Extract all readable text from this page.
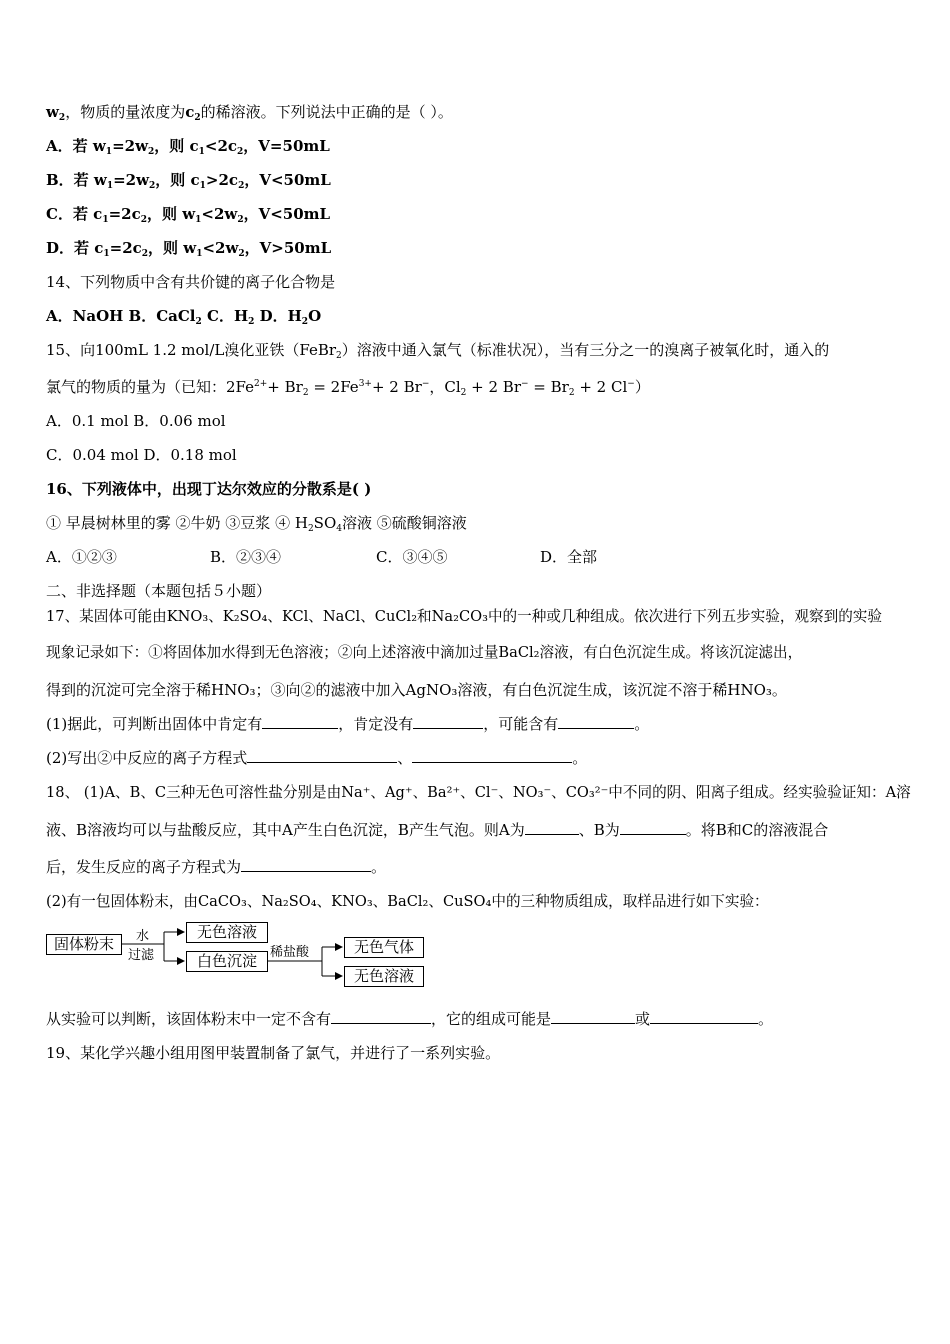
$w_2$，物质的量浓度为$c_2$的稀溶液。下列说法中正确的是（ ）。
A．若 $w_1=2w_2$，则 $c_1<2c_2$，V=50mL
B．若 $w_1=2w_2$，则 $c_1>2c_2$，V<50mL
C．若 $c_1=2c_2$，则 $w_1<2w_2$，V<50mL
D．若 $c_1=2c_2$，则 $w_1<2w_2$，V>50mL
14、下列物质中含有共价键的离子化合物是
A．NaOH B．CaCl$_2$ C．$H_2$ D．$H_2O$
15、向100mL 1.2 mol/L溴化亚铁（FeBr$_2$）溶液中通入氯气（标准状况），当有三分之一的溴离子被氧化时，通入的
氯气的物质的量为（已知：$2Fe^{2+}+ Br_2 = 2Fe^{3+}+ 2$ Br−，$Cl_2 + 2$ $Br^- = Br_2 + 2$ Cl−）
A．0.1 mol B．0.06 mol
C．0.04 mol D．0.18 mol
16、下列液体中，出现丁达尔效应的分散系是( )
① 早晨树林里的雾 ②牛奶 ③豆浆 ④ $H_2SO_4$溶液 ⑤硫酸铜溶液
A．①②③	B．②③④	C．③④⑤	D．全部
二、非选择题（本题包括５小题）
17、某固体可能由KNO₃、K₂SO₄、KCl、NaCl、CuCl₂和Na₂CO₃中的一种或几种组成。依次进行下列五步实验，观察到的实验
现象记录如下：①将固体加水得到无色溶液；②向上述溶液中滴加过量BaCl₂溶液，有白色沉淀生成。将该沉淀滤出，
得到的沉淀可完全溶于稀HNO₃；③向②的滤液中加入AgNO₃溶液，有白色沉淀生成，该沉淀不溶于稀HNO₃。
(1)据此，可判断出固体中肯定有	，肯定没有	，可能含有	。
(2)写出②中反应的离子方程式	、	。
18、 (1)A、B、C三种无色可溶性盐分别是由Na⁺、Ag⁺、Ba²⁺、Cl⁻、NO₃⁻、CO₃²⁻中不同的阴、阳离子组成。经实验验证知：A溶
液、B溶液均可以与盐酸反应，其中A产生白色沉淀，B产生气泡。则A为	、B为	。将B和C的溶液混合
后，发生反应的离子方程式为	。
(2)有一包固体粉末，由CaCO₃、Na₂SO₄、KNO₃、BaCl₂、CuSO₄中的三种物质组成，取样品进行如下实验：
固体粉末	水
过滤
无色溶液
白色沉淀	稀盐酸	无色气体
无色溶液
从实验可以判断，该固体粉末中一定不含有	，它的组成可能是	或	。
19、某化学兴趣小组用图甲装置制备了氯气，并进行了一系列实验。
